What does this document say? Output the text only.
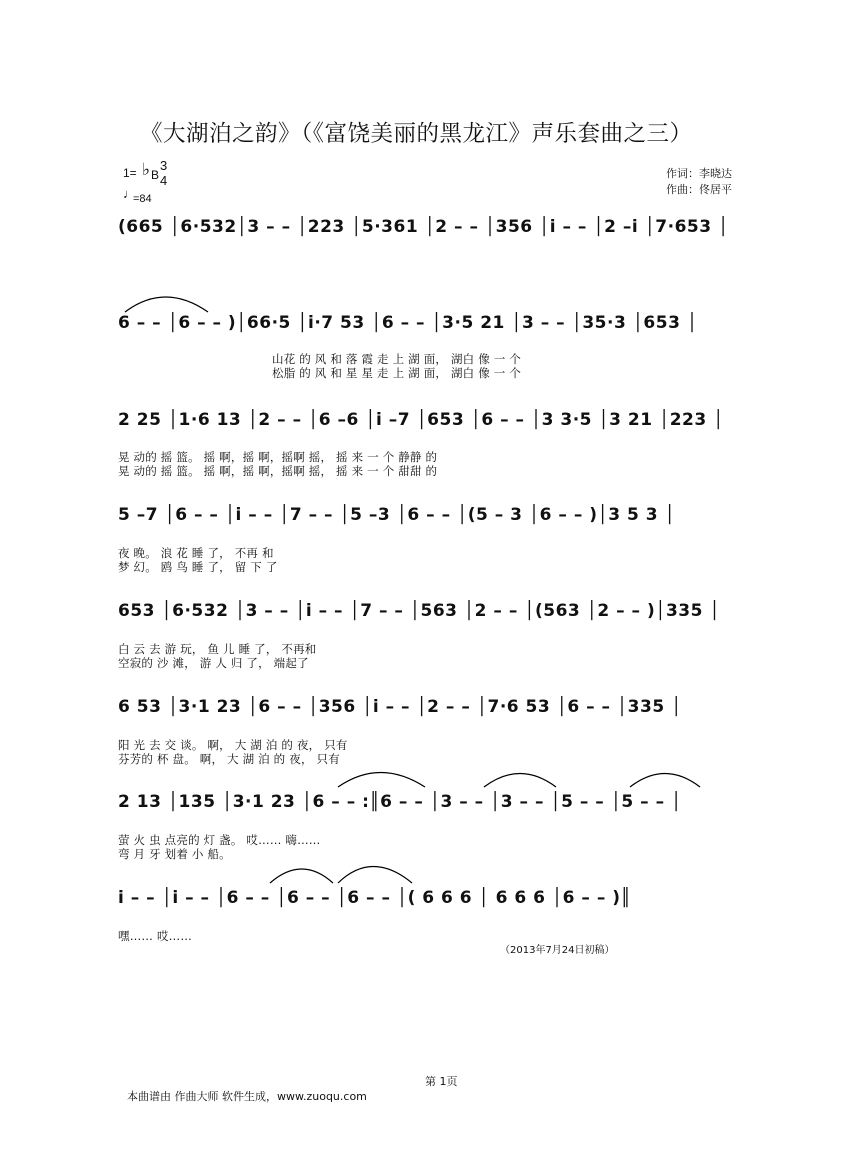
《大湖泊之韵》（《富饶美丽的黑龙江》声乐套曲之三）
1= ♭ B
3
4
♩
=84
作词：李晓达
作曲：佟居平
(665 │6·532│3 – – │223 │5·361 │2 – – │356 │i – – │2 –i │7·653 │
6 – – │6 – – )│66·5 │i·7 53 │6 – – │3·5 21 │3 – – │35·3 │653 │
山花 的 风 和 落 霞 走 上 湖 面， 湖白 像 一 个
松脂 的 风 和 星 星 走 上 湖 面， 湖白 像 一 个
2 25 │1·6 13 │2 – – │6 –6 │i –7 │653 │6 – – │3 3·5 │3 21 │223 │
晃 动的 摇 篮。 摇 啊，摇 啊，摇啊 摇， 摇 来 一 个 静静 的
晃 动的 摇 篮。 摇 啊，摇 啊，摇啊 摇， 摇 来 一 个 甜甜 的
5 –7 │6 – – │i – – │7 – – │5 –3 │6 – – │(5 – 3 │6 – – )│3 5 3 │
夜 晚。 浪 花 睡 了， 不再 和
梦 幻。 鸥 鸟 睡 了， 留 下 了
653 │6·532 │3 – – │i – – │7 – – │563 │2 – – │(563 │2 – – )│335 │
白 云 去 游 玩， 鱼 儿 睡 了， 不再和
空寂的 沙 滩， 游 人 归 了， 端起了
6 53 │3·1 23 │6 – – │356 │i – – │2 – – │7·6 53 │6 – – │335 │
阳 光 去 交 谈。 啊， 大 湖 泊 的 夜， 只有
芬芳的 杯 盘。 啊， 大 湖 泊 的 夜， 只有
2 13 │135 │3·1 23 │6 – – :║6 – – │3 – – │3 – – │5 – – │5 – – │
萤 火 虫 点亮的 灯 盏。 哎…… 嗨……
弯 月 牙 划着 小 船。
i – – │i – – │6 – – │6 – – │6 – – │( 6 6 6 │ 6 6 6 │6 – – )║
嘿…… 哎……
（2013年7月24日初稿）
第 1页
本曲谱由 作曲大师 软件生成，www.zuoqu.com
